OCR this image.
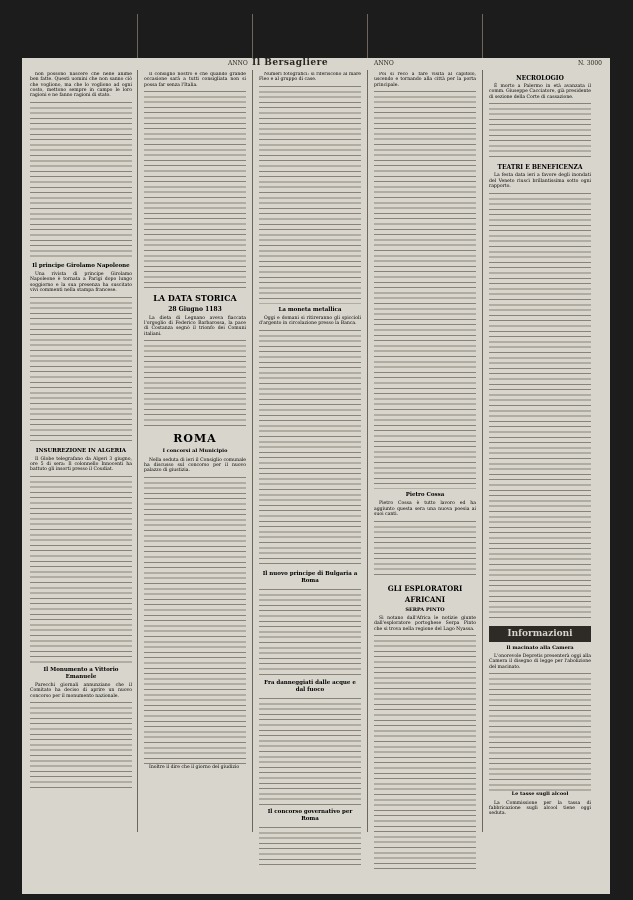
ANNO Il Bersagliere	ANNO	N. 3000

non possono nascere che nelle anime ben fatte. Questi uomini che non sanno ciò che vogliono, ma che lo vogliono ad ogni costo, mettono sempre in campo le loro ragioni e ne fanno ragioni di stato.

Il principe Girolamo Napoleone

Una rivista di principe Girolamo Napoleone è tornata a Parigi dopo lungo soggiorno e la sua presenza ha suscitato vivi commenti nella stampa francese.

INSURREZIONE IN ALGERIA

Il Globe telegrafano da Algeri 3 giugno, ore 5 di sera: Il colonnello Innocenti ha battuto gli insorti presso il Coudiat.

Il Monumento a Vittorio Emanuele

Parecchi giornali annunziano che il Comitato ha deciso di aprire un nuovo concorso per il monumento nazionale.

Il consiglio nostro è che quando grande occasione sarà a tutti consigliata non si possa far senza l'Italia.

LA DATA STORICA
28 Giugno 1183

La dieta di Legnano aveva fiaccata l'orgoglio di Federico Barbarossa, la pace di Costanza segnò il trionfo dei Comuni italiani.

ROMA
I concorsi al Municipio

Nella seduta di ieri il Consiglio comunale ha discusso sul concorso per il nuovo palazzo di giustizia.

Inoltre il dire che il giorno del giudizio

Numeri fotografici: si riferiscono al mare Fleo e al gruppo di case.

La moneta metallica

Oggi e domani si ritireranno gli spiccioli d'argento in circolazione presso la Banca.

Il nuovo principe di Bulgaria a Roma
Fra danneggiati dalle acque e dal fuoco
Il concorso governativo per Roma

Poi si recò a fare visita al capitolo, uscendo e tornando alla città per la porta principale.

Pietro Cossa

Pietro Cossa è tutto lavoro ed ha aggiunto questa sera una nuova poesia ai suoi canti.

GLI ESPLORATORI AFRICANI
SERPA PINTO

Si notano dall'Africa le notizie giunte dall'esploratore portoghese Serpa Pinto che si trova nella regione del Lago Nyassa.

NECROLOGIO

È morto a Palermo in età avanzata il comm. Giuseppe Cacciatore, già presidente di sezione della Corte di cassazione.

TEATRI E BENEFICENZA

La festa data ieri a favore degli inondati del Veneto riuscì brillantissima sotto ogni rapporto.

Informazioni
Il macinato alla Camera

L'onorevole Depretis presenterà oggi alla Camera il disegno di legge per l'abolizione del macinato.

Le tasse sugli alcool

La Commissione per la tassa di fabbricazione sugli alcool tiene oggi seduta.
